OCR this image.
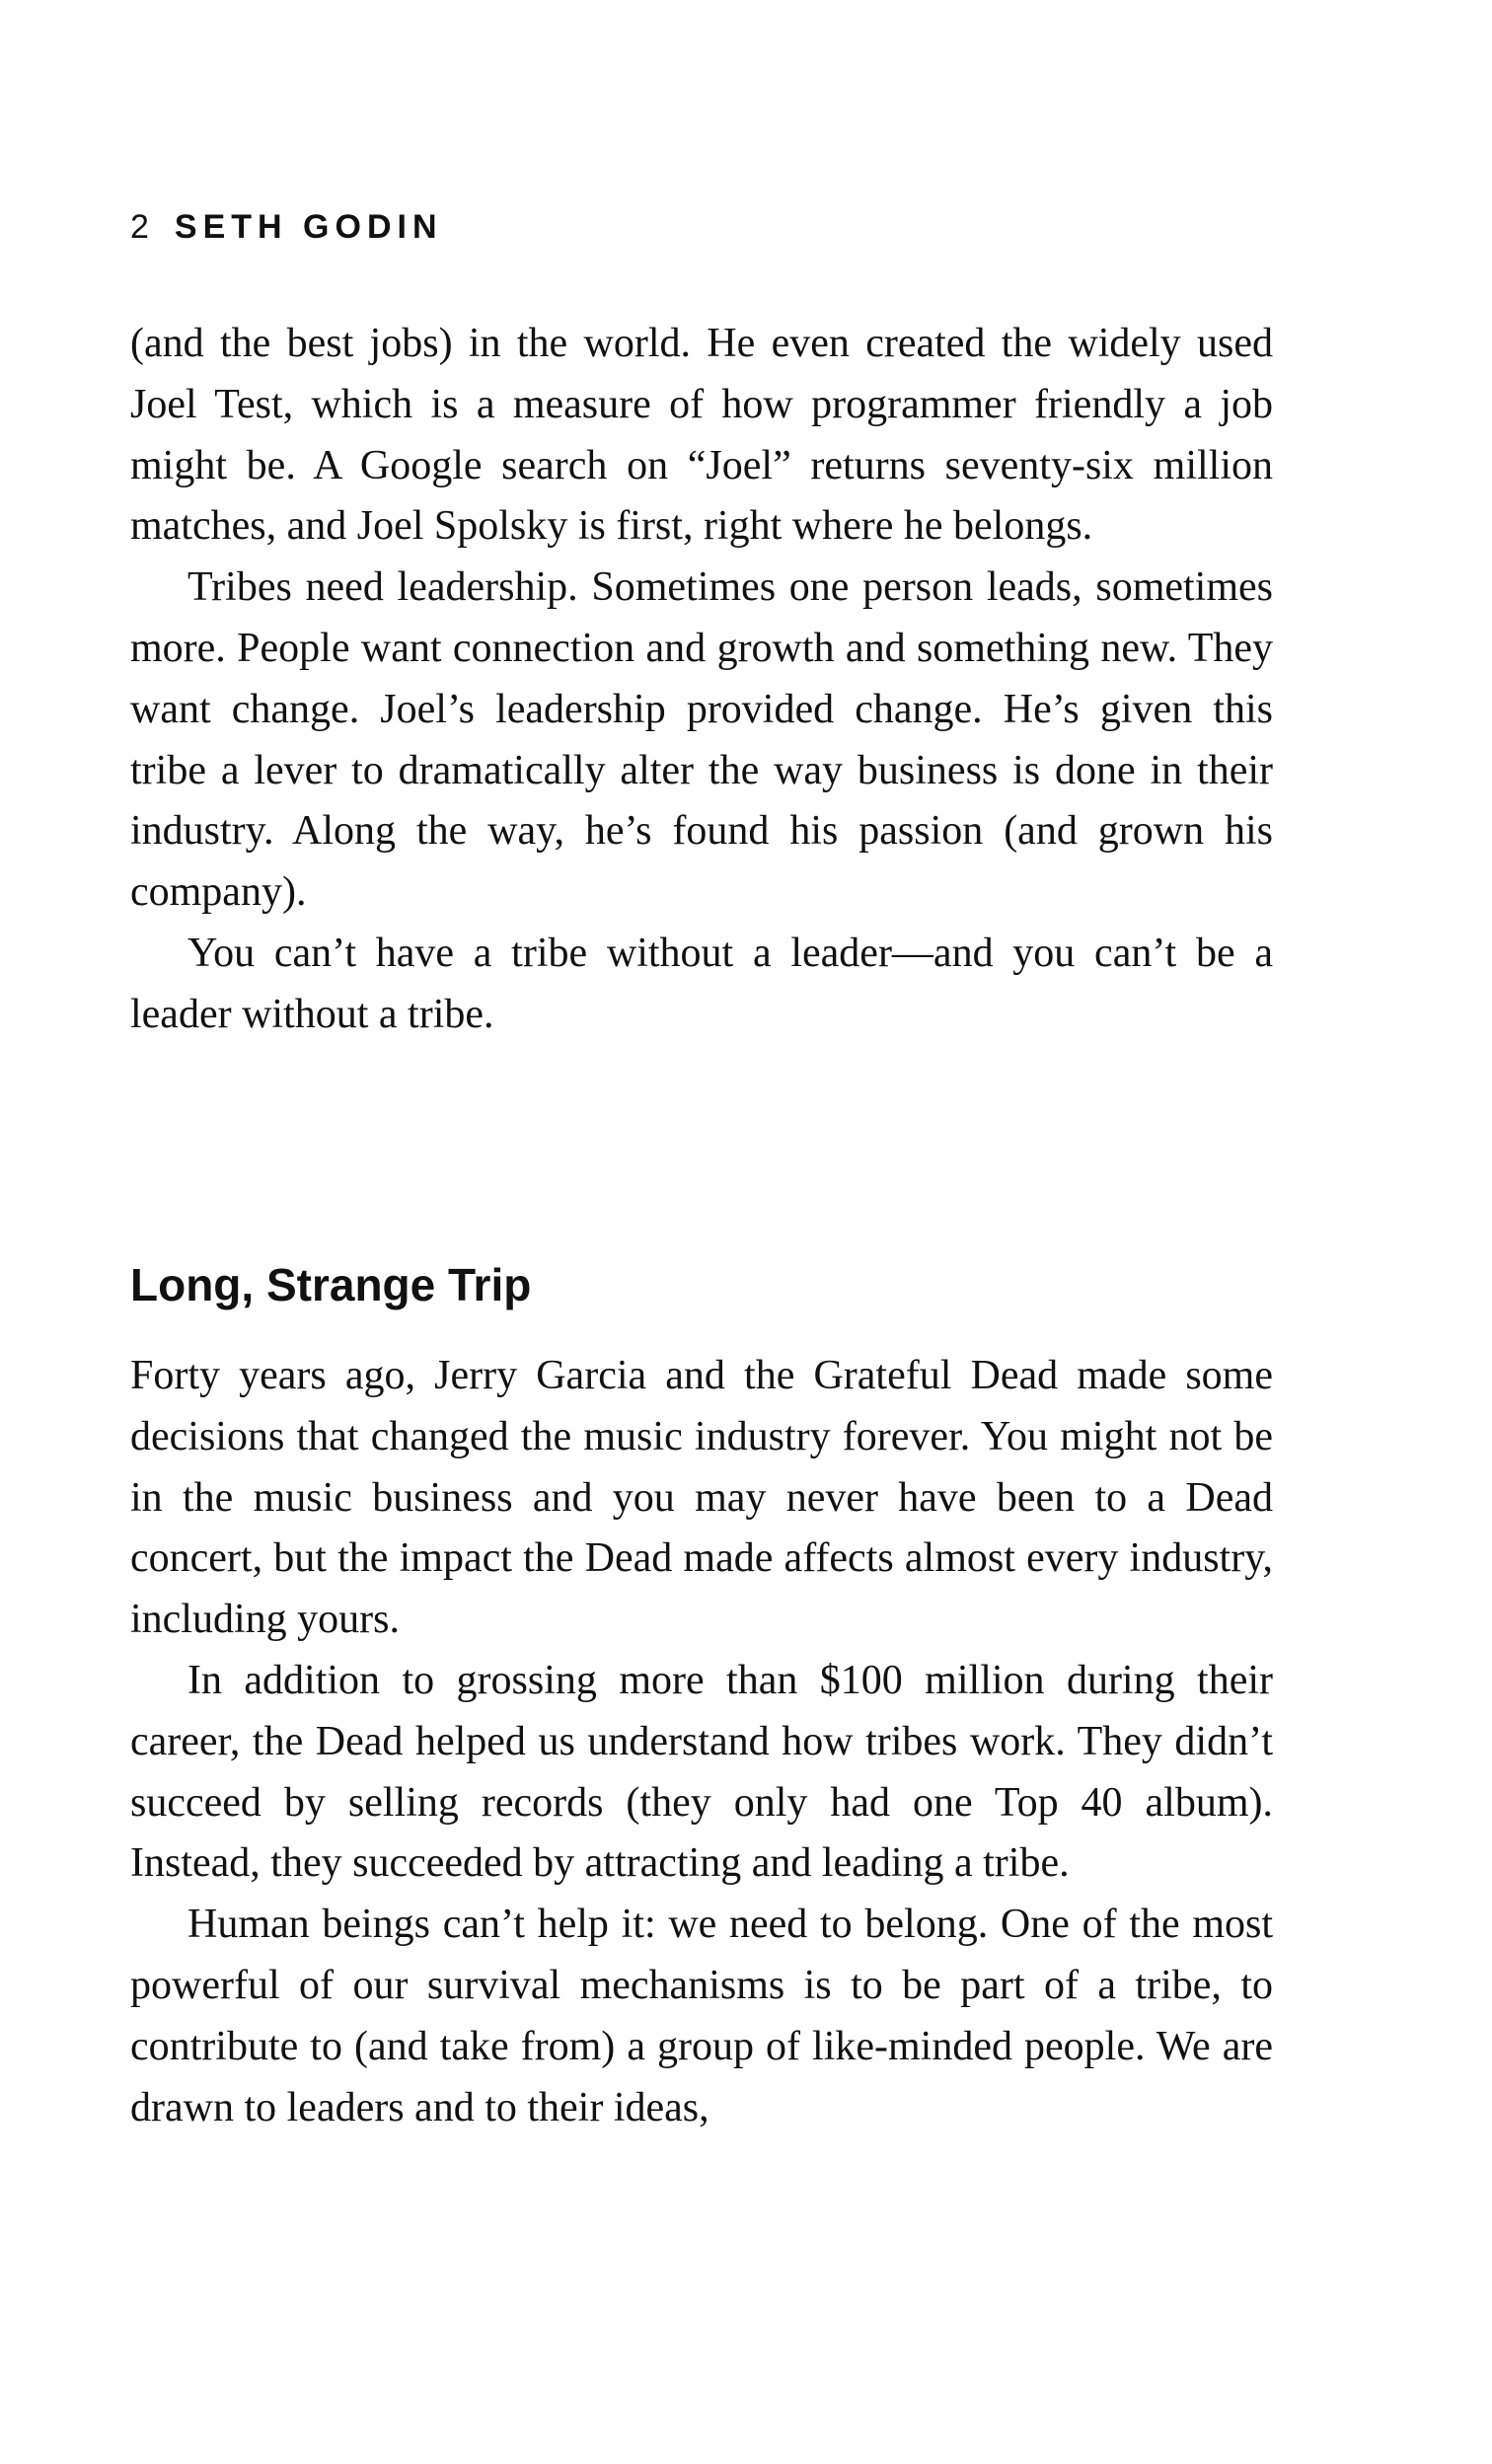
2 SETH GODIN

(and the best jobs) in the world. He even created the widely used Joel Test, which is a measure of how programmer friendly a job might be. A Google search on “Joel” returns seventy-six million matches, and Joel Spolsky is first, right where he belongs.

Tribes need leadership. Sometimes one person leads, sometimes more. People want connection and growth and something new. They want change. Joel’s leadership provided change. He’s given this tribe a lever to dramatically alter the way business is done in their industry. Along the way, he’s found his passion (and grown his company).

You can’t have a tribe without a leader—and you can’t be a leader without a tribe.

Long, Strange Trip

Forty years ago, Jerry Garcia and the Grateful Dead made some decisions that changed the music industry forever. You might not be in the music business and you may never have been to a Dead concert, but the impact the Dead made affects almost every industry, including yours.

In addition to grossing more than $100 million during their career, the Dead helped us understand how tribes work. They didn’t succeed by selling records (they only had one Top 40 album). Instead, they succeeded by attracting and leading a tribe.

Human beings can’t help it: we need to belong. One of the most powerful of our survival mechanisms is to be part of a tribe, to contribute to (and take from) a group of like-minded people. We are drawn to leaders and to their ideas,
